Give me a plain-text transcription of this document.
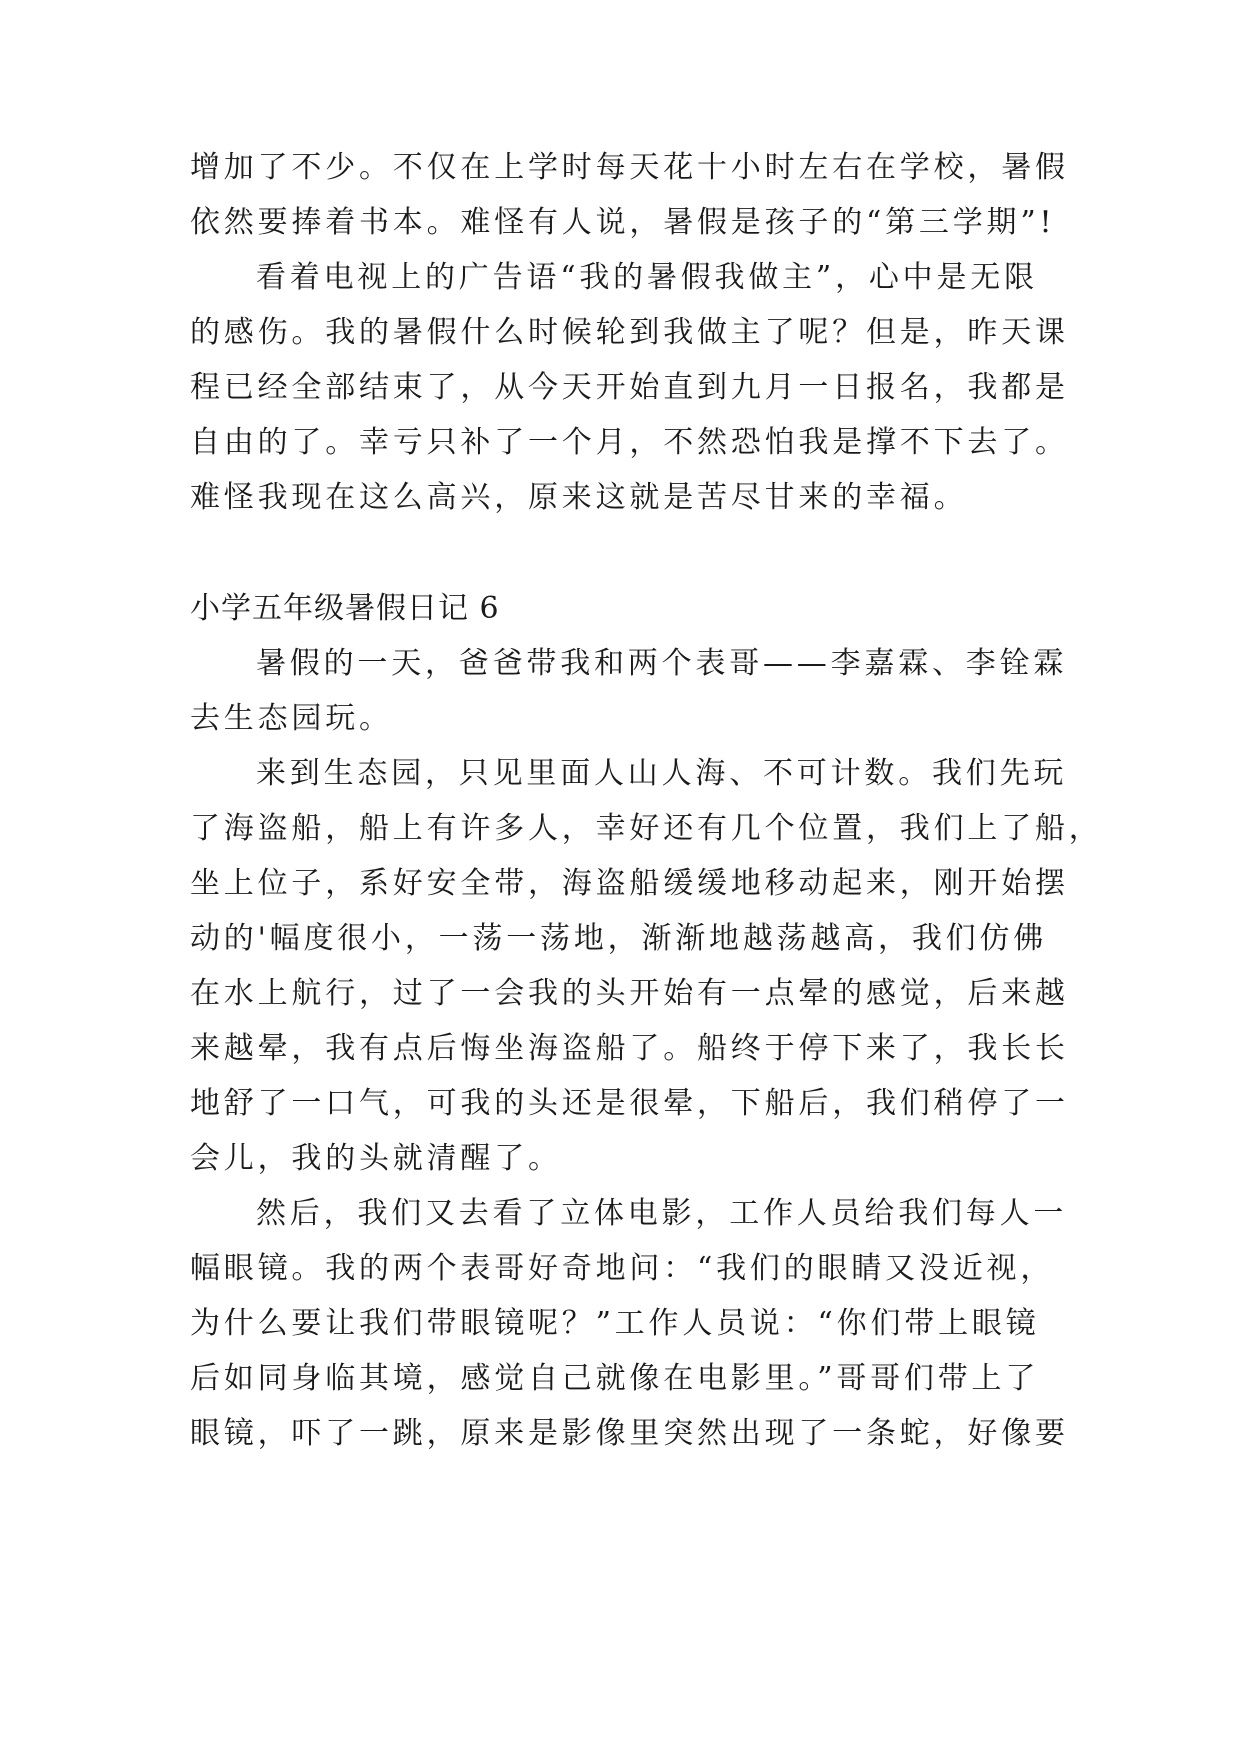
增加了不少。不仅在上学时每天花十小时左右在学校，暑假
依然要捧着书本。难怪有人说，暑假是孩子的“第三学期”!
看着电视上的广告语“我的暑假我做主”，心中是无限
的感伤。我的暑假什么时候轮到我做主了呢？但是，昨天课
程已经全部结束了，从今天开始直到九月一日报名，我都是
自由的了。幸亏只补了一个月，不然恐怕我是撑不下去了。
难怪我现在这么高兴，原来这就是苦尽甘来的幸福。
小学五年级暑假日记 6
暑假的一天，爸爸带我和两个表哥——李嘉霖、李铨霖
去生态园玩。
来到生态园，只见里面人山人海、不可计数。我们先玩
了海盗船，船上有许多人，幸好还有几个位置，我们上了船，
坐上位子，系好安全带，海盗船缓缓地移动起来，刚开始摆
动的'幅度很小，一荡一荡地，渐渐地越荡越高，我们仿佛
在水上航行，过了一会我的头开始有一点晕的感觉，后来越
来越晕，我有点后悔坐海盗船了。船终于停下来了，我长长
地舒了一口气，可我的头还是很晕，下船后，我们稍停了一
会儿，我的头就清醒了。
然后，我们又去看了立体电影，工作人员给我们每人一
幅眼镜。我的两个表哥好奇地问：“我们的眼睛又没近视，
为什么要让我们带眼镜呢？”工作人员说：“你们带上眼镜
后如同身临其境，感觉自己就像在电影里。”哥哥们带上了
眼镜，吓了一跳，原来是影像里突然出现了一条蛇，好像要
